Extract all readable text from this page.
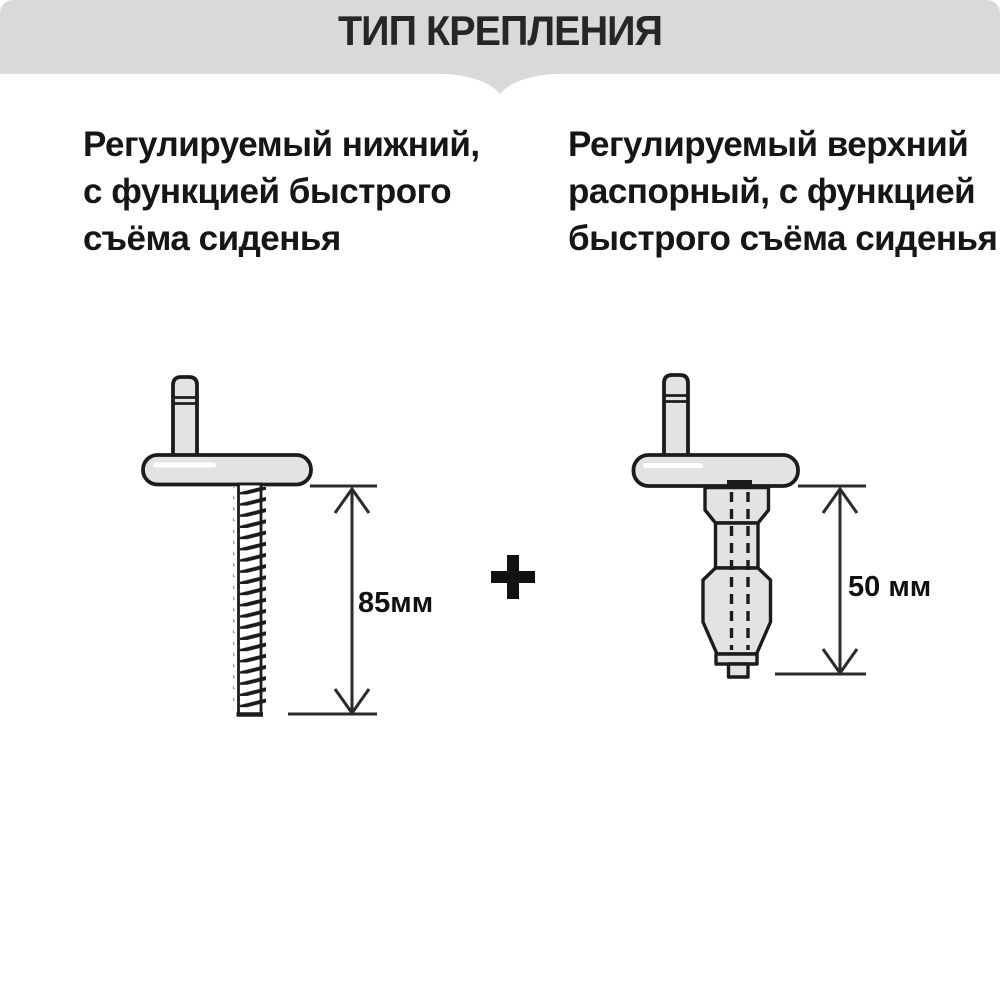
ТИП КРЕПЛЕНИЯ
Регулируемый нижний,
с функцией быстрого
съёма сиденья
Регулируемый верхний
распорный, с функцией
быстрого съёма сиденья
85мм	50 мм
